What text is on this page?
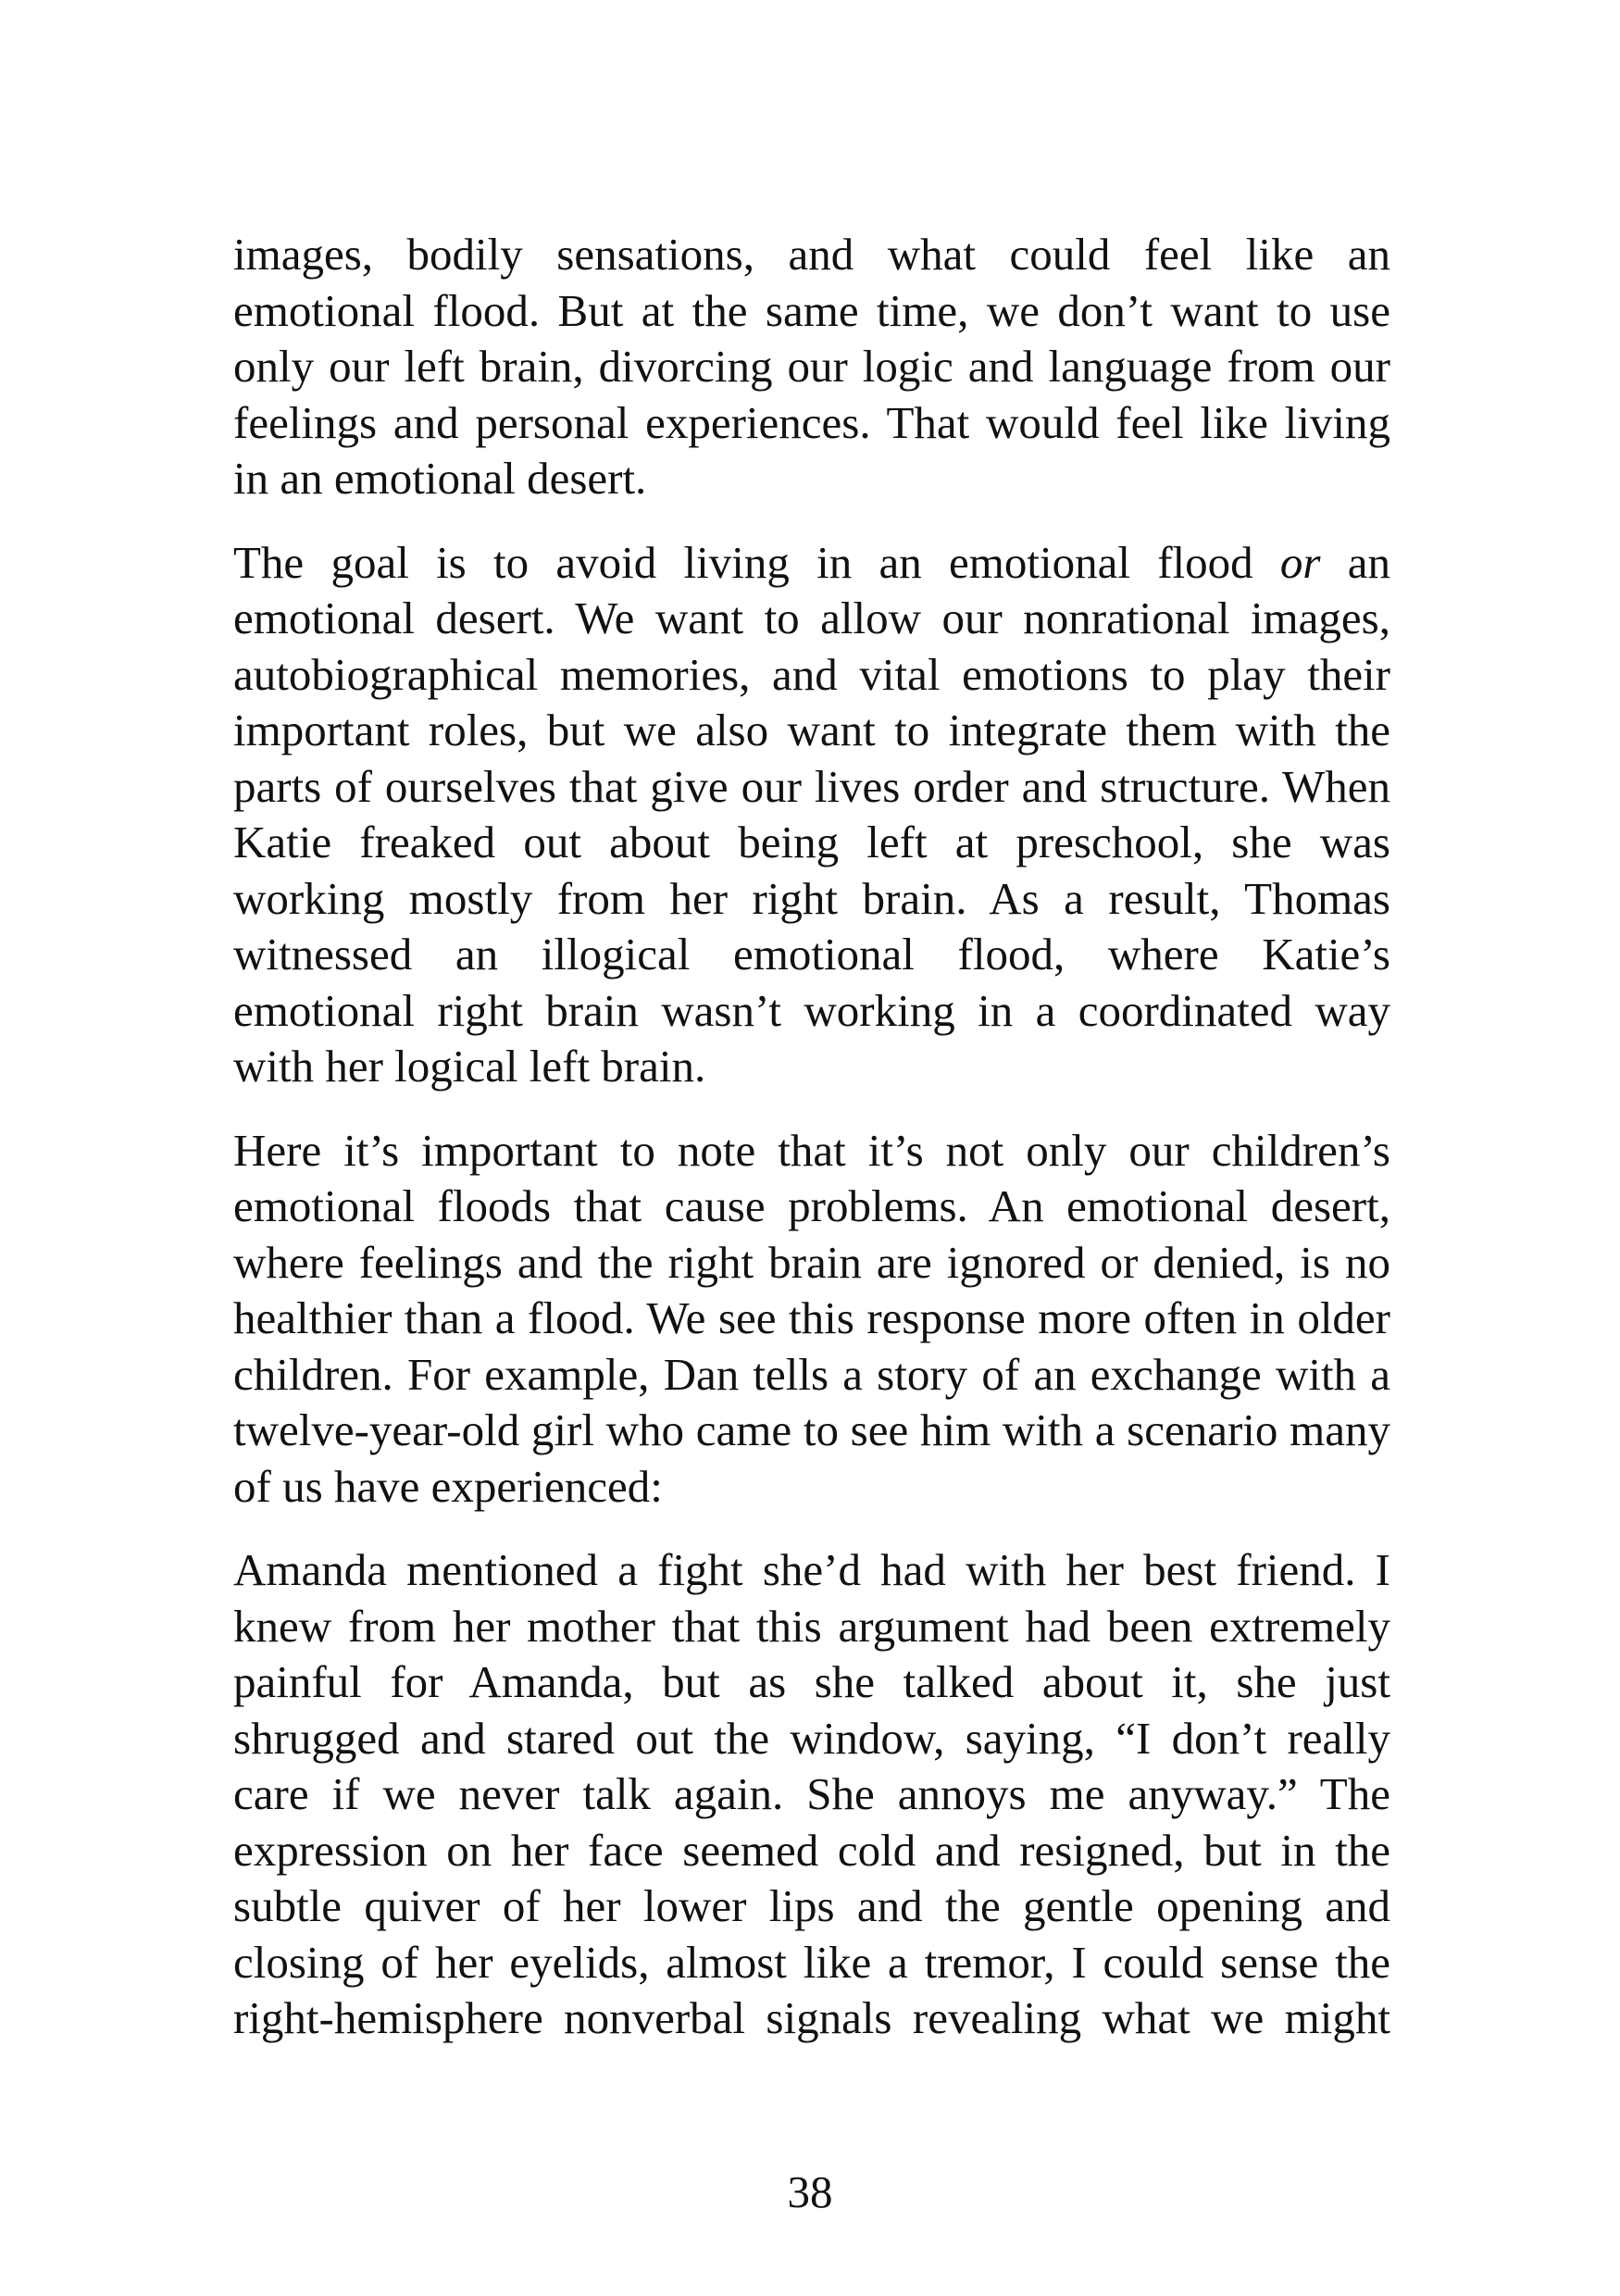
images, bodily sensations, and what could feel like an emotional flood. But at the same time, we don’t want to use only our left brain, divorcing our logic and language from our feelings and personal experiences. That would feel like living in an emotional desert.

The goal is to avoid living in an emotional flood or an emotional desert. We want to allow our nonrational images, autobiographical memories, and vital emotions to play their important roles, but we also want to integrate them with the parts of ourselves that give our lives order and structure. When Katie freaked out about being left at preschool, she was working mostly from her right brain. As a result, Thomas witnessed an illogical emotional flood, where Katie’s emotional right brain wasn’t working in a coordinated way with her logical left brain.

Here it’s important to note that it’s not only our children’s emotional floods that cause problems. An emotional desert, where feelings and the right brain are ignored or denied, is no healthier than a flood. We see this response more often in older children. For example, Dan tells a story of an exchange with a twelve-year-old girl who came to see him with a scenario many of us have experienced:

Amanda mentioned a fight she’d had with her best friend. I knew from her mother that this argument had been extremely painful for Amanda, but as she talked about it, she just shrugged and stared out the window, saying, “I don’t really care if we never talk again. She annoys me anyway.” The expression on her face seemed cold and resigned, but in the subtle quiver of her lower lips and the gentle opening and closing of her eyelids, almost like a tremor, I could sense the right-hemisphere nonverbal signals revealing what we might

38
